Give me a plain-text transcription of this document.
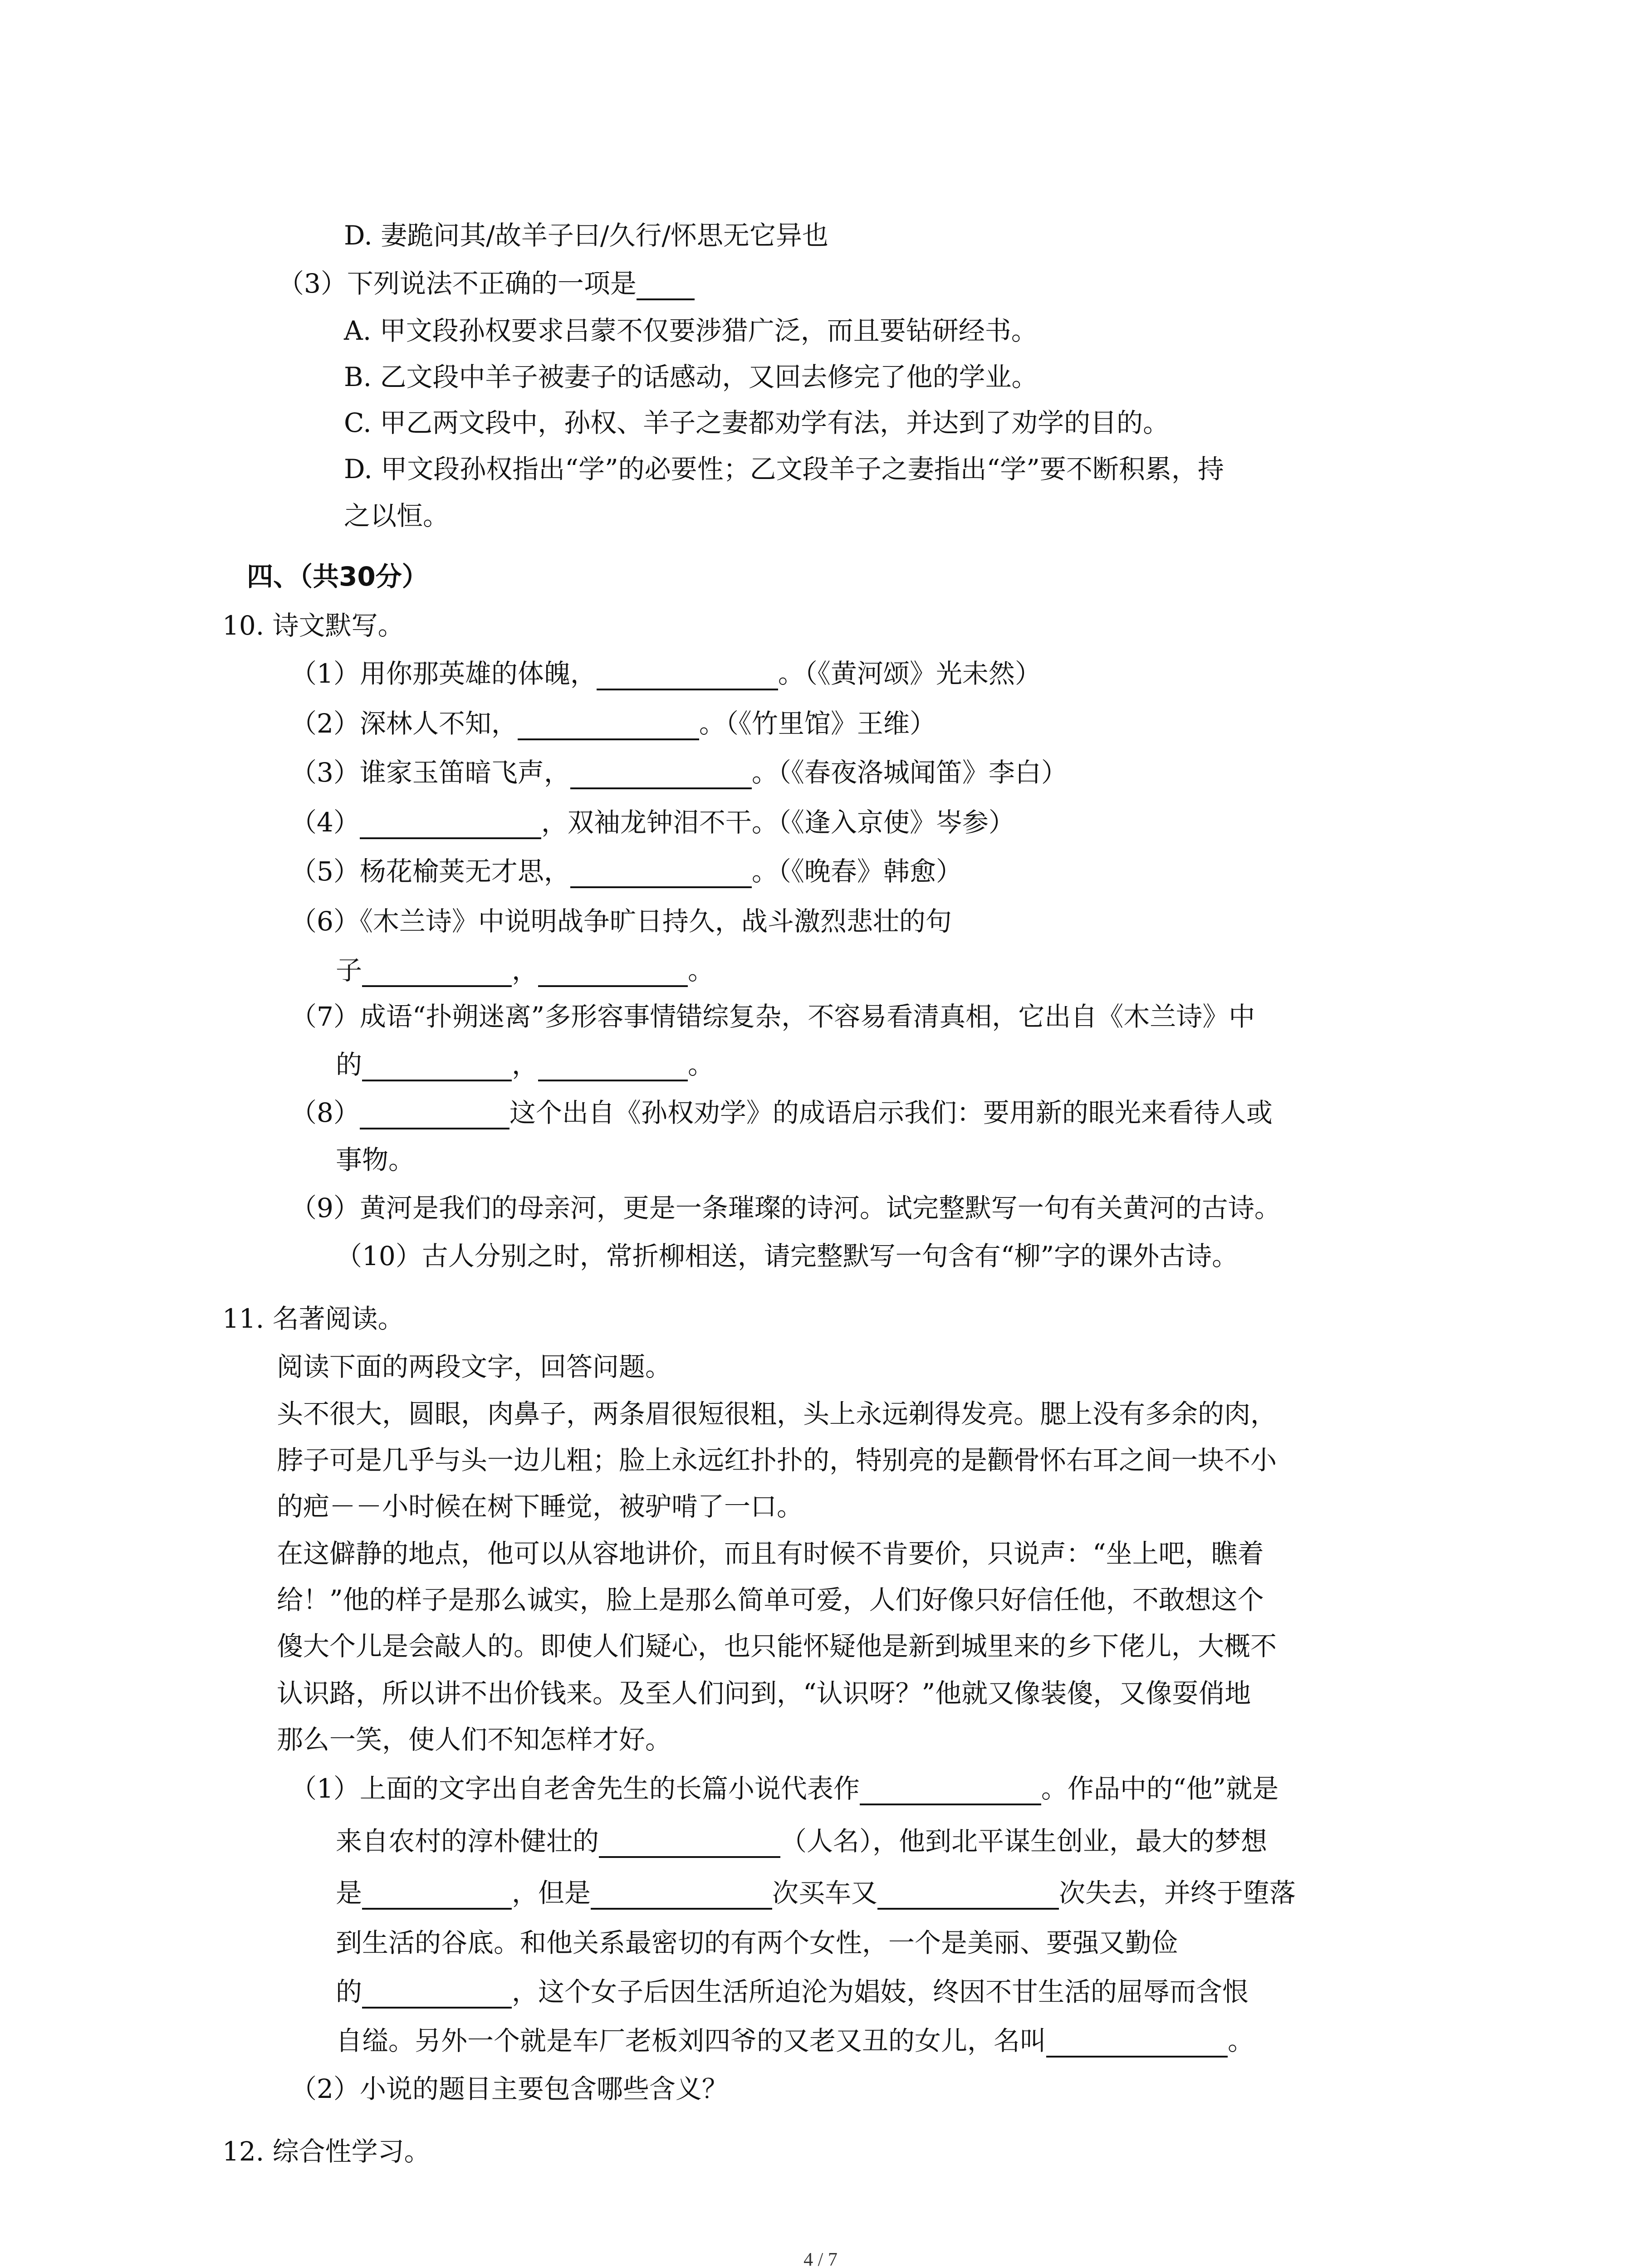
D. 妻跪问其/故羊子曰/久行/怀思无它异也
（3）下列说法不正确的一项是
A. 甲文段孙权要求吕蒙不仅要涉猎广泛，而且要钻研经书。
B. 乙文段中羊子被妻子的话感动，又回去修完了他的学业。
C. 甲乙两文段中，孙权、羊子之妻都劝学有法，并达到了劝学的目的。
D. 甲文段孙权指出“学”的必要性；乙文段羊子之妻指出“学”要不断积累，持
之以恒。
四、（共30分）
10. 诗文默写。
（1）用你那英雄的体魄，	。（《黄河颂》光未然）
（2）深林人不知，	。（《竹里馆》王维）
（3）谁家玉笛暗飞声，	。（《春夜洛城闻笛》李白）
（4）	，双袖龙钟泪不干。（《逢入京使》岑参）
（5）杨花榆荚无才思，	。（《晚春》韩愈）
（6）《木兰诗》中说明战争旷日持久，战斗激烈悲壮的句
子	，	。
（7）成语“扑朔迷离”多形容事情错综复杂，不容易看清真相，它出自《木兰诗》中
的	，	。
（8）	这个出自《孙权劝学》的成语启示我们：要用新的眼光来看待人或
事物。
（9）黄河是我们的母亲河，更是一条璀璨的诗河。试完整默写一句有关黄河的古诗。
（10）古人分别之时，常折柳相送，请完整默写一句含有“柳”字的课外古诗。
11. 名著阅读。
阅读下面的两段文字，回答问题。
头不很大，圆眼，肉鼻子，两条眉很短很粗，头上永远剃得发亮。腮上没有多余的肉，
脖子可是几乎与头一边儿粗；脸上永远红扑扑的，特别亮的是颧骨怀右耳之间一块不小
的疤－－小时候在树下睡觉，被驴啃了一口。
在这僻静的地点，他可以从容地讲价，而且有时候不肯要价，只说声：“坐上吧，瞧着
给！”他的样子是那么诚实，脸上是那么简单可爱，人们好像只好信任他，不敢想这个
傻大个儿是会敲人的。即使人们疑心，也只能怀疑他是新到城里来的乡下佬儿，大概不
认识路，所以讲不出价钱来。及至人们问到，“认识呀？”他就又像装傻，又像耍俏地
那么一笑，使人们不知怎样才好。
（1）上面的文字出自老舍先生的长篇小说代表作	。作品中的“他”就是
来自农村的淳朴健壮的	（人名），他到北平谋生创业，最大的梦想
是	，但是	次买车又	次失去，并终于堕落
到生活的谷底。和他关系最密切的有两个女性，一个是美丽、要强又勤俭
的	，这个女子后因生活所迫沦为娼妓，终因不甘生活的屈辱而含恨
自缢。另外一个就是车厂老板刘四爷的又老又丑的女儿，名叫	。
（2）小说的题目主要包含哪些含义？
12. 综合性学习。
4 / 7
